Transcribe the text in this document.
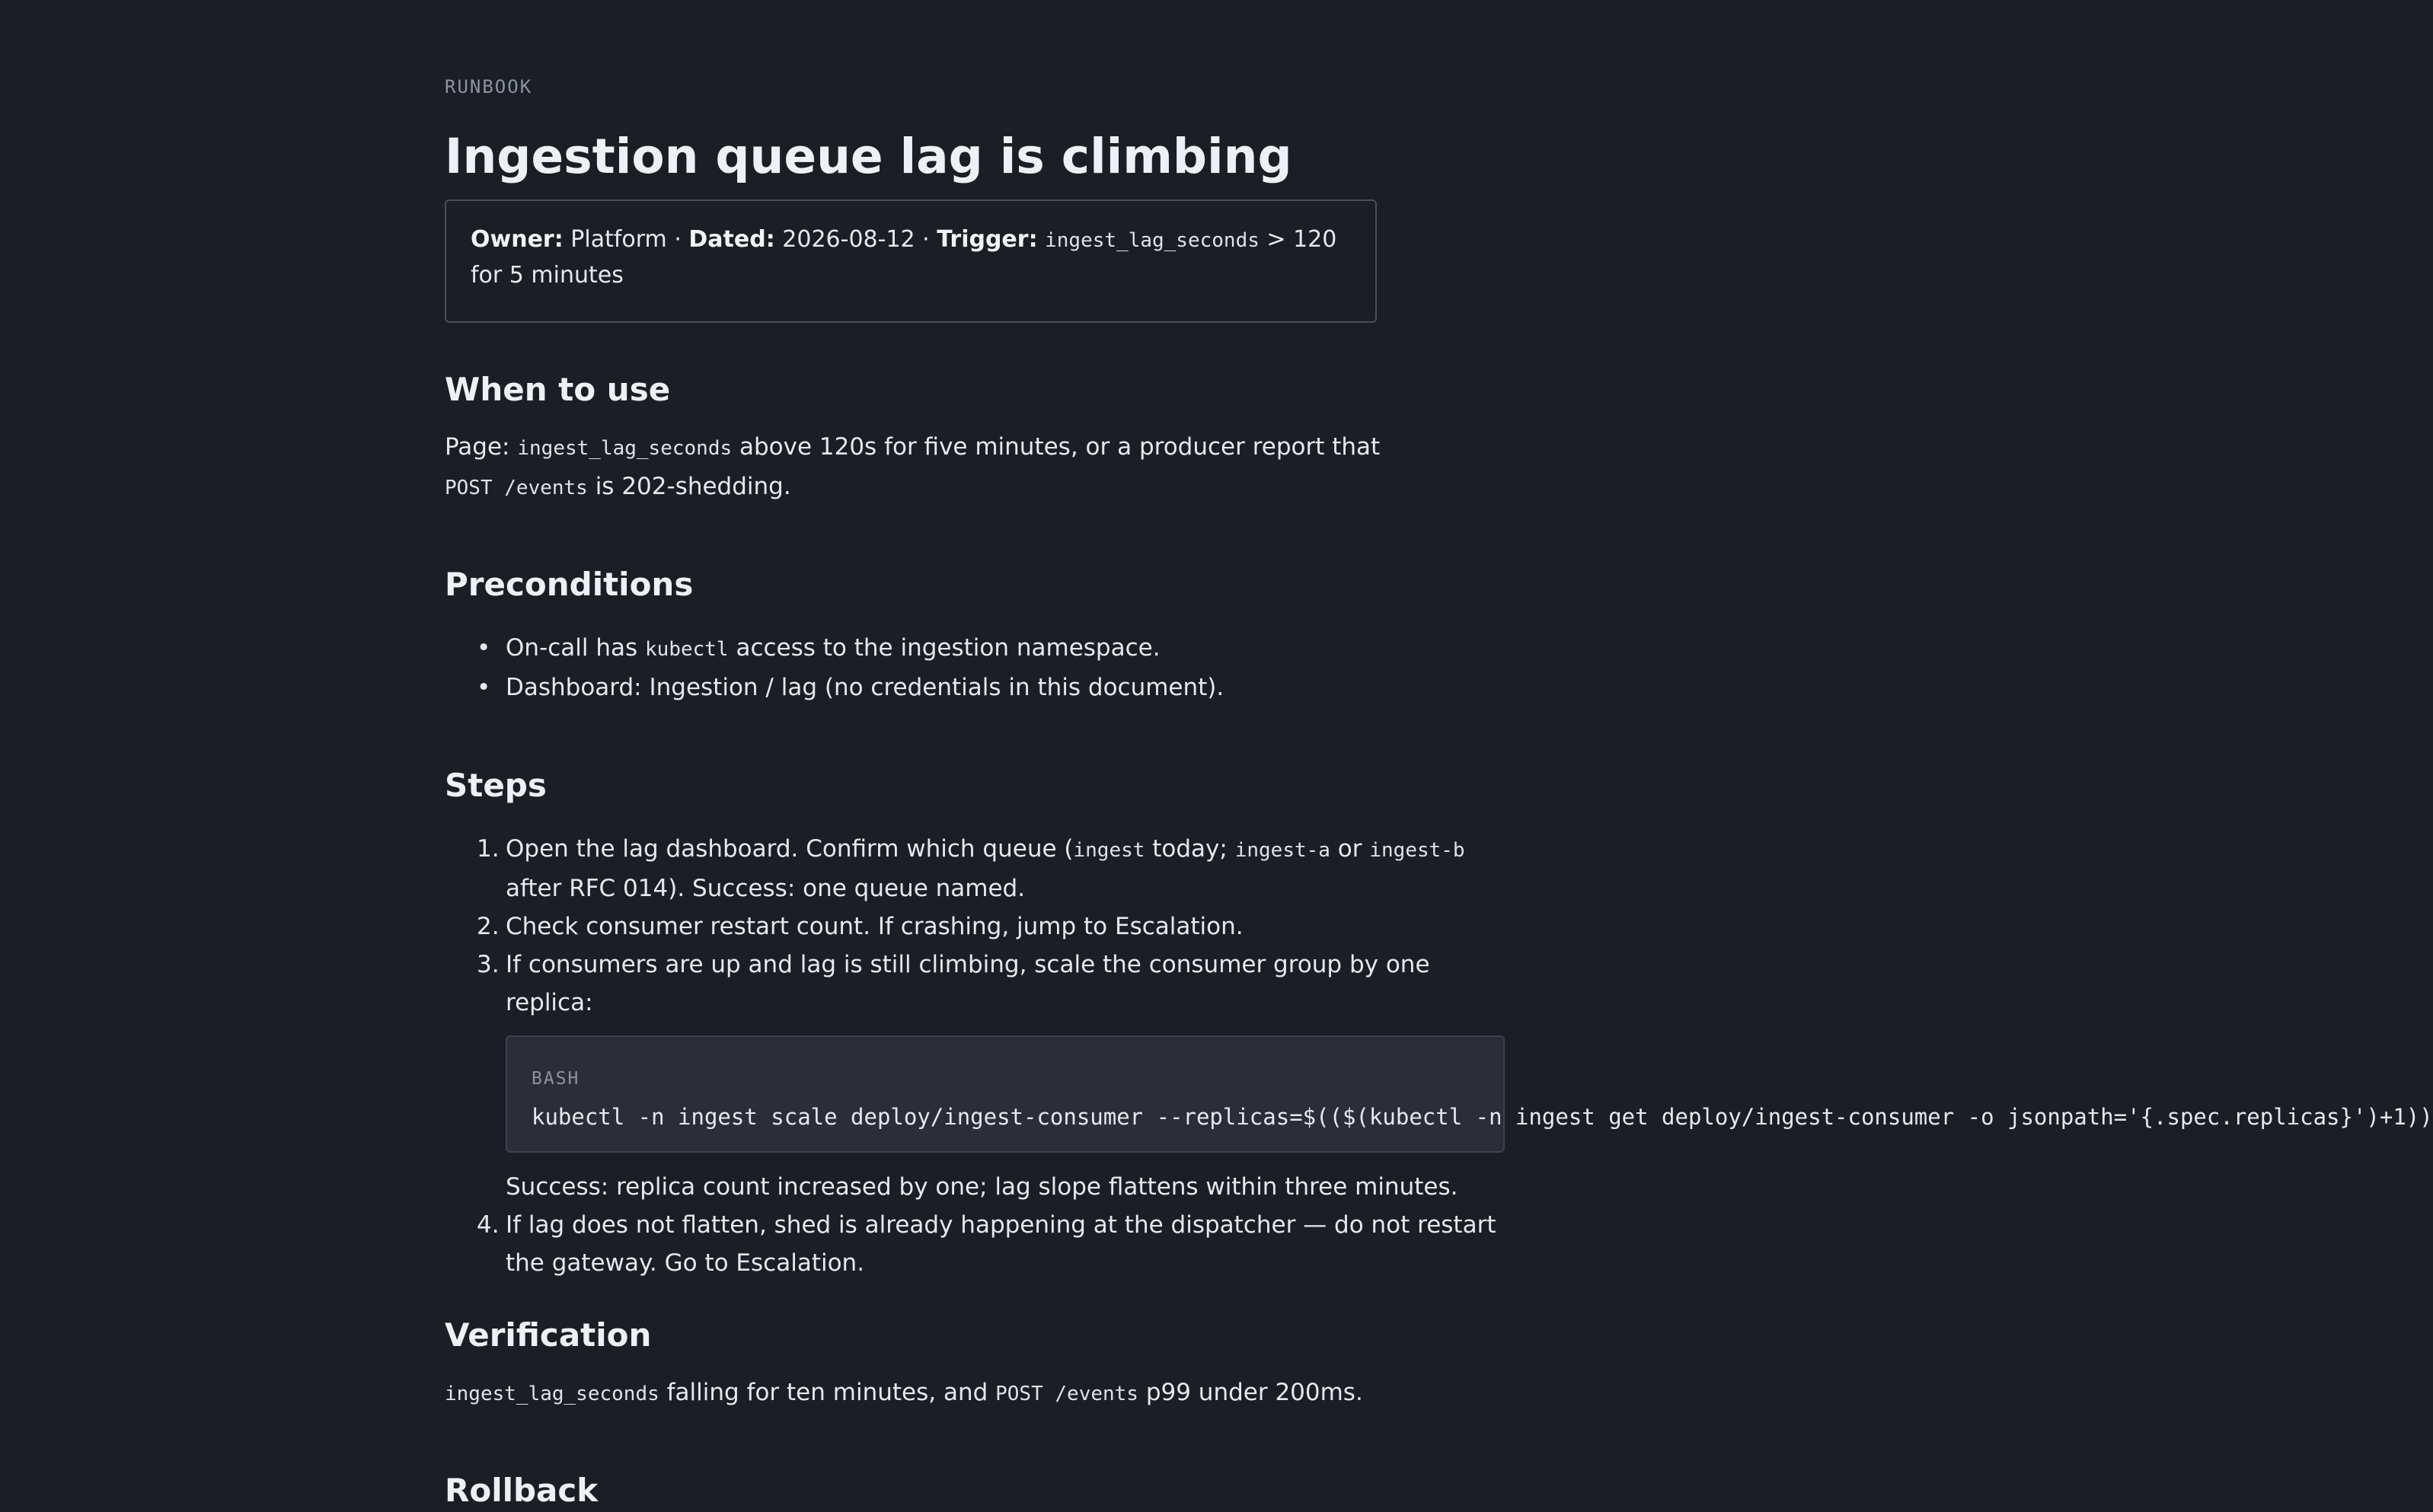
RUNBOOK
Ingestion queue lag is climbing
Owner: Platform · Dated: 2026-08-12 · Trigger: ingest_lag_seconds > 120 for 5 minutes
When to use
Page: ingest_lag_seconds above 120s for five minutes, or a producer report that POST /events is 202-shedding.
Preconditions
• On-call has kubectl access to the ingestion namespace.
• Dashboard: Ingestion / lag (no credentials in this document).
Steps
1. Open the lag dashboard. Confirm which queue (ingest today; ingest-a or ingest-b after RFC 014). Success: one queue named.
2. Check consumer restart count. If crashing, jump to Escalation.
3. If consumers are up and lag is still climbing, scale the consumer group by one replica:
BASH
kubectl -n ingest scale deploy/ingest-consumer --replicas=$(($(kubectl -n ingest get deploy/ingest-consumer -o jsonpath='{.spec.replicas}')+1))
Success: replica count increased by one; lag slope flattens within three minutes.
4. If lag does not flatten, shed is already happening at the dispatcher — do not restart the gateway. Go to Escalation.
Verification
ingest_lag_seconds falling for ten minutes, and POST /events p99 under 200ms.
Rollback
